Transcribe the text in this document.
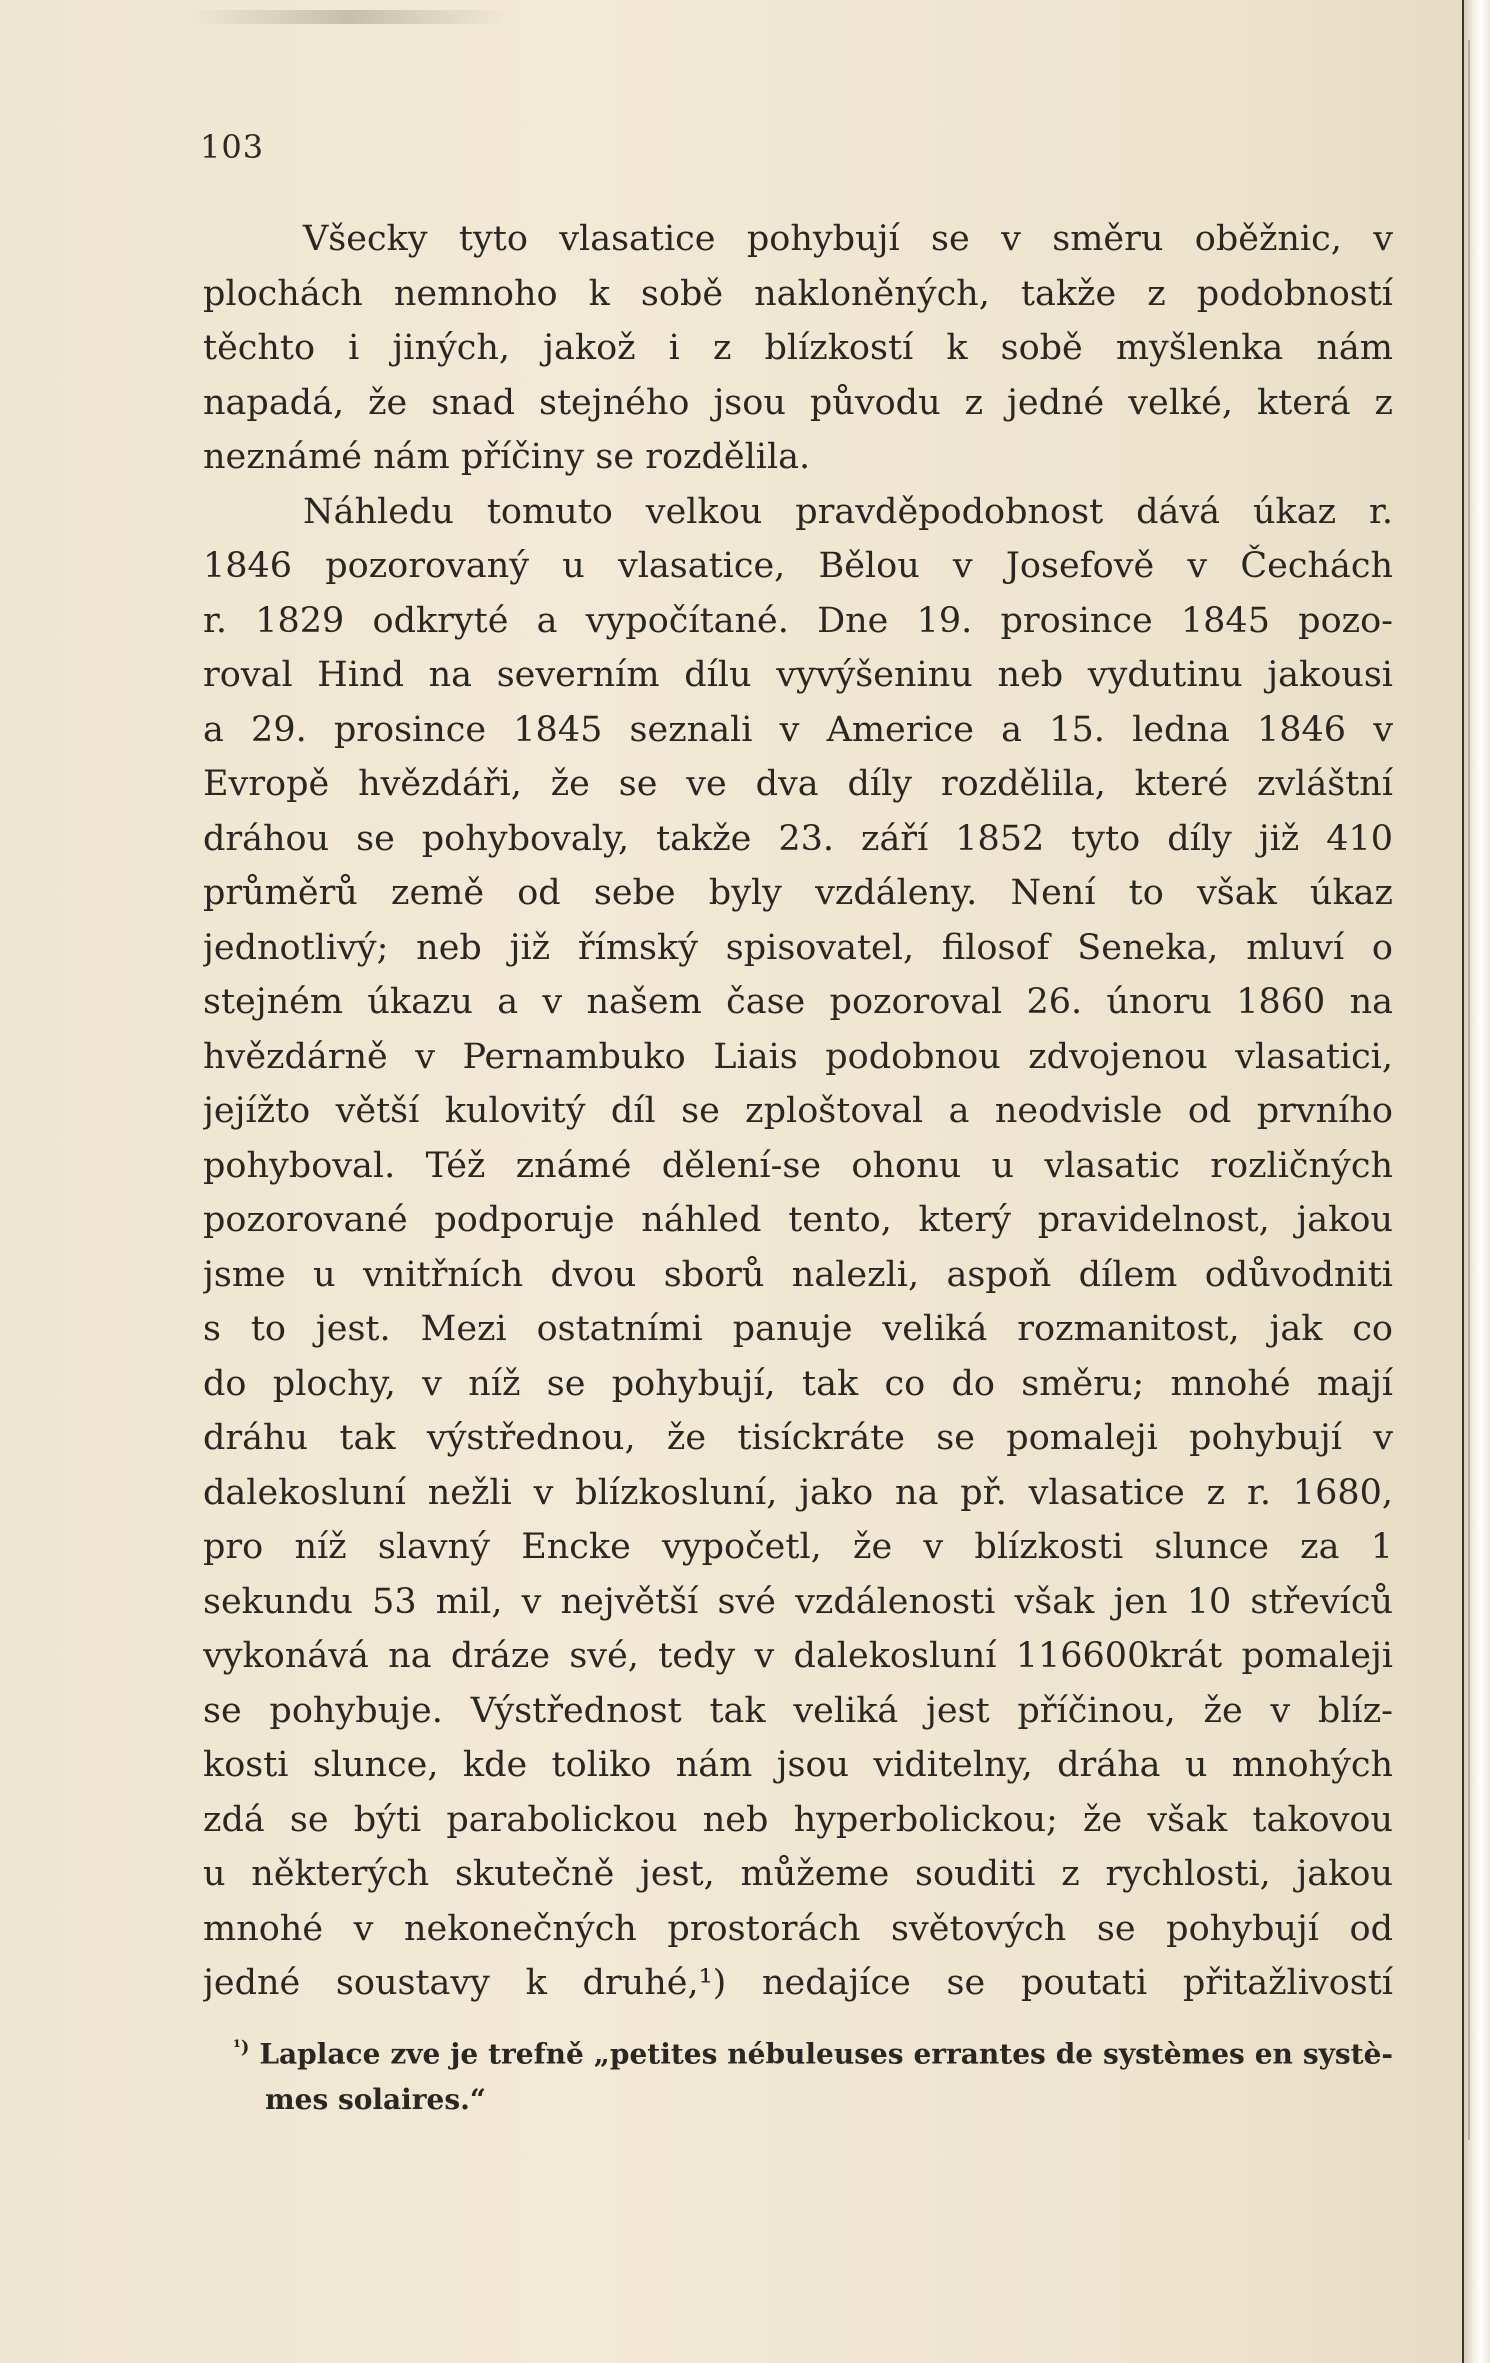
103
Všecky tyto vlasatice pohybují se v směru oběžnic, v
plochách nemnoho k sobě nakloněných, takže z podobností
těchto i jiných, jakož i z blízkostí k sobě myšlenka nám
napadá, že snad stejného jsou původu z jedné velké, která z
neznámé nám příčiny se rozdělila.
Náhledu tomuto velkou pravděpodobnost dává úkaz r.
1846 pozorovaný u vlasatice, Bělou v Josefově v Čechách
r. 1829 odkryté a vypočítané. Dne 19. prosince 1845 pozo-
roval Hind na severním dílu vyvýšeninu neb vydutinu jakousi
a 29. prosince 1845 seznali v Americe a 15. ledna 1846 v
Evropě hvězdáři, že se ve dva díly rozdělila, které zvláštní
dráhou se pohybovaly, takže 23. září 1852 tyto díly již 410
průměrů země od sebe byly vzdáleny. Není to však úkaz
jednotlivý; neb již římský spisovatel, filosof Seneka, mluví o
stejném úkazu a v našem čase pozoroval 26. únoru 1860 na
hvězdárně v Pernambuko Liais podobnou zdvojenou vlasatici,
jejížto větší kulovitý díl se zploštoval a neodvisle od prvního
pohyboval. Též známé dělení-se ohonu u vlasatic rozličných
pozorované podporuje náhled tento, který pravidelnost, jakou
jsme u vnitřních dvou sborů nalezli, aspoň dílem odůvodniti
s to jest. Mezi ostatními panuje veliká rozmanitost, jak co
do plochy, v níž se pohybují, tak co do směru; mnohé mají
dráhu tak výstřednou, že tisíckráte se pomaleji pohybují v
dalekosluní nežli v blízkosluní, jako na př. vlasatice z r. 1680,
pro níž slavný Encke vypočetl, že v blízkosti slunce za 1
sekundu 53 mil, v největší své vzdálenosti však jen 10 střevíců
vykonává na dráze své, tedy v dalekosluní 116600krát pomaleji
se pohybuje. Výstřednost tak veliká jest příčinou, že v blíz-
kosti slunce, kde toliko nám jsou viditelny, dráha u mnohých
zdá se býti parabolickou neb hyperbolickou; že však takovou
u některých skutečně jest, můžeme souditi z rychlosti, jakou
mnohé v nekonečných prostorách světových se pohybují od
jedné soustavy k druhé,¹) nedajíce se poutati přitažlivostí
$^{^1)}$ Laplace zve je trefně „petites nébuleuses errantes de systèmes en systè-
mes solaires.“
